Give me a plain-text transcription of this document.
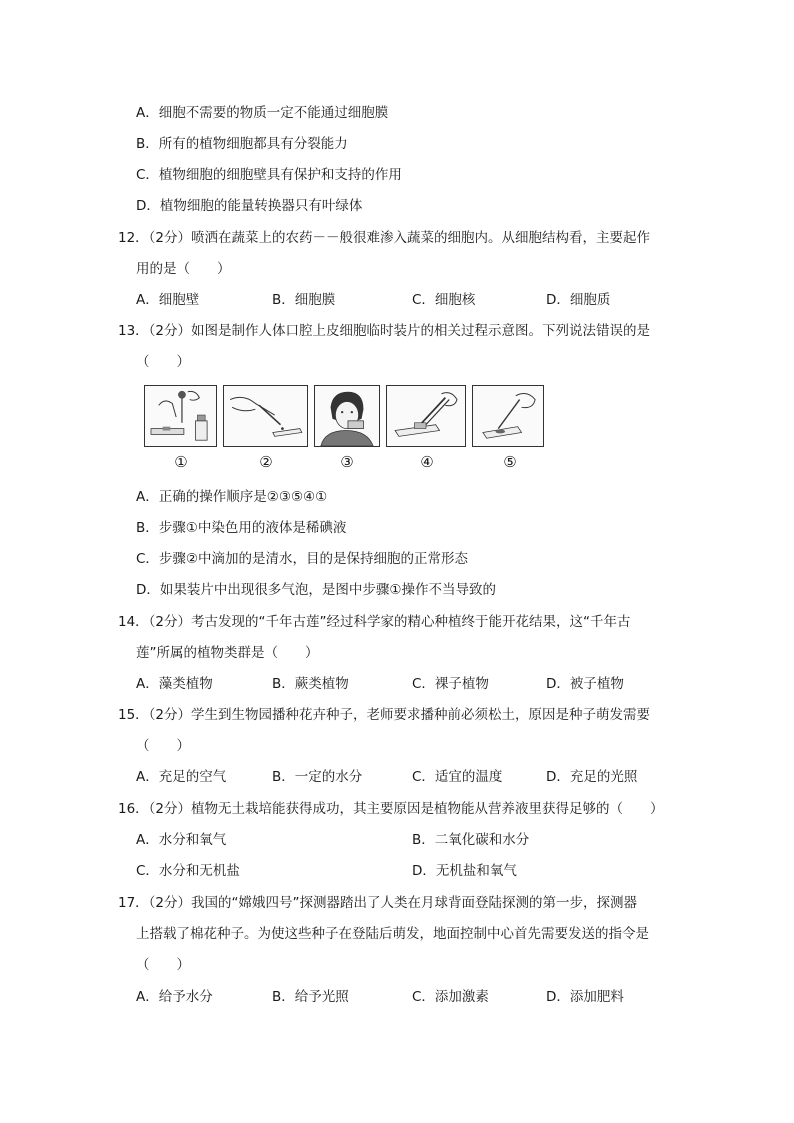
A．细胞不需要的物质一定不能通过细胞膜
B．所有的植物细胞都具有分裂能力
C．植物细胞的细胞壁具有保护和支持的作用
D．植物细胞的能量转换器只有叶绿体
12．（2分）喷洒在蔬菜上的农药－－般很难渗入蔬菜的细胞内。从细胞结构看，主要起作
用的是（　　）
A．细胞壁	B．细胞膜	C．细胞核	D．细胞质
13．（2分）如图是制作人体口腔上皮细胞临时装片的相关过程示意图。下列说法错误的是
（　　）
①	②	③	④	⑤
A．正确的操作顺序是②③⑤④①
B．步骤①中染色用的液体是稀碘液
C．步骤②中滴加的是清水，目的是保持细胞的正常形态
D．如果装片中出现很多气泡，是图中步骤①操作不当导致的
14．（2分）考古发现的“千年古莲”经过科学家的精心种植终于能开花结果，这“千年古
莲”所属的植物类群是（　　）
A．藻类植物	B．蕨类植物	C．裸子植物	D．被子植物
15．（2分）学生到生物园播种花卉种子，老师要求播种前必须松土，原因是种子萌发需要
（　　）
A．充足的空气	B．一定的水分	C．适宜的温度	D．充足的光照
16．（2分）植物无土栽培能获得成功，其主要原因是植物能从营养液里获得足够的（　　）
A．水分和氧气	B．二氧化碳和水分
C．水分和无机盐	D．无机盐和氧气
17．（2分）我国的“嫦娥四号”探测器踏出了人类在月球背面登陆探测的第一步，探测器
上搭载了棉花种子。为使这些种子在登陆后萌发，地面控制中心首先需要发送的指令是
（　　）
A．给予水分	B．给予光照	C．添加激素	D．添加肥料
